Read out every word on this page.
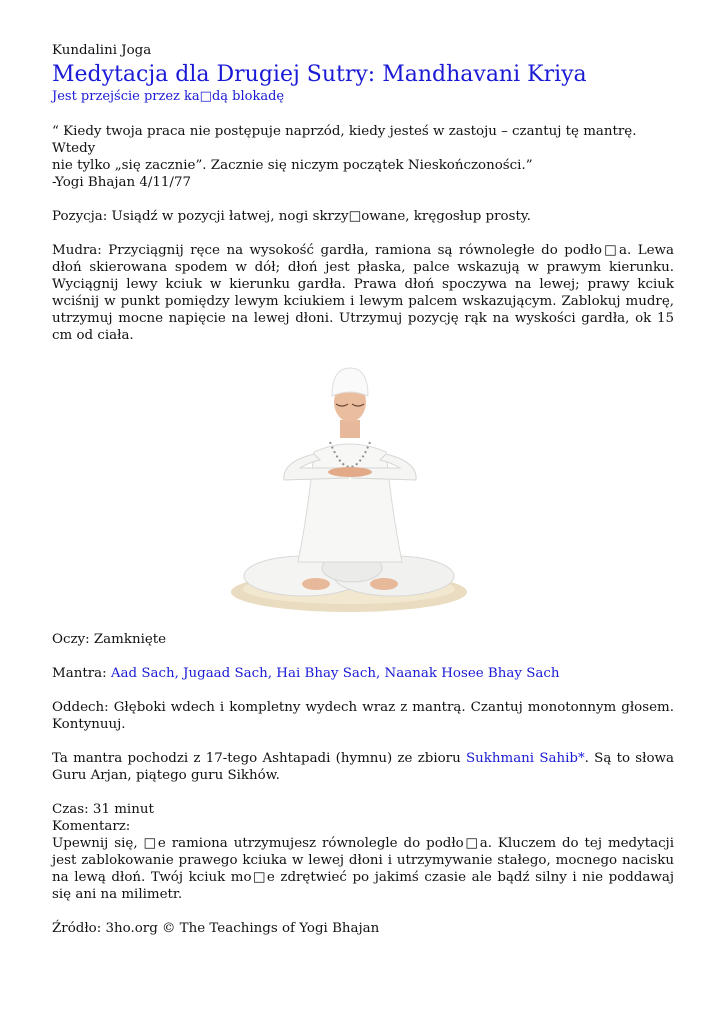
Kundalini Joga

Medytacja dla Drugiej Sutry: Mandhavani Kriya

Jest przejście przez ka□dą blokadę

“ Kiedy twoja praca nie postępuje naprzód, kiedy jesteś w zastoju – czantuj tę mantrę. Wtedy

nie tylko „się zacznie”. Zacznie się niczym początek Nieskończoności.”

-Yogi Bhajan 4/11/77

Pozycja: Usiądź w pozycji łatwej, nogi skrzy□owane, kręgosłup prosty.

Mudra: Przyciągnij ręce na wysokość gardła, ramiona są równoległe do podło□a. Lewa dłoń skierowana spodem w dół; dłoń jest płaska, palce wskazują w prawym kierunku. Wyciągnij lewy kciuk w kierunku gardła. Prawa dłoń spoczywa na lewej; prawy kciuk wciśnij w punkt pomiędzy lewym kciukiem i lewym palcem wskazującym. Zablokuj mudrę, utrzymuj mocne napięcie na lewej dłoni. Utrzymuj pozycję rąk na wyskości gardła, ok 15 cm od ciała.

Oczy: Zamknięte

Mantra: Aad Sach, Jugaad Sach, Hai Bhay Sach, Naanak Hosee Bhay Sach

Oddech: Głęboki wdech i kompletny wydech wraz z mantrą. Czantuj monotonnym głosem. Kontynuuj.

Ta mantra pochodzi z 17-tego Ashtapadi (hymnu) ze zbioru Sukhmani Sahib*. Są to słowa Guru Arjan, piątego guru Sikhów.

Czas: 31 minut

Komentarz:

Upewnij się, □e ramiona utrzymujesz równolegle do podło□a. Kluczem do tej medytacji jest zablokowanie prawego kciuka w lewej dłoni i utrzymywanie stałego, mocnego nacisku na lewą dłoń. Twój kciuk mo□e zdrętwieć po jakimś czasie ale bądź silny i nie poddawaj się ani na milimetr.

Źródło: 3ho.org © The Teachings of Yogi Bhajan
